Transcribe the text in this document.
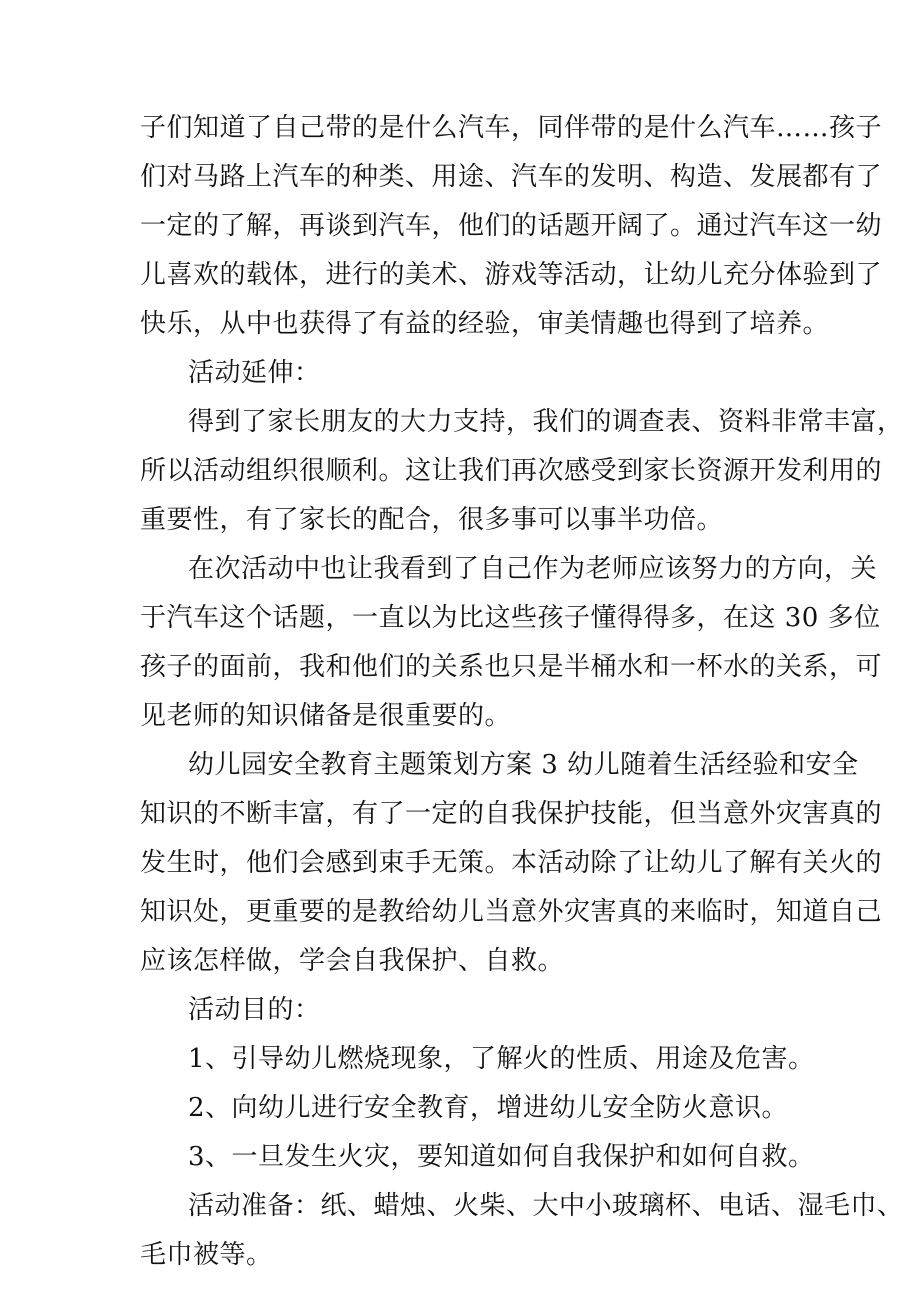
子们知道了自己带的是什么汽车，同伴带的是什么汽车……孩子

们对马路上汽车的种类、用途、汽车的发明、构造、发展都有了

一定的了解，再谈到汽车，他们的话题开阔了。通过汽车这一幼

儿喜欢的载体，进行的美术、游戏等活动，让幼儿充分体验到了

快乐，从中也获得了有益的经验，审美情趣也得到了培养。

活动延伸：

得到了家长朋友的大力支持，我们的调查表、资料非常丰富，

所以活动组织很顺利。这让我们再次感受到家长资源开发利用的

重要性，有了家长的配合，很多事可以事半功倍。

在次活动中也让我看到了自己作为老师应该努力的方向，关

于汽车这个话题，一直以为比这些孩子懂得得多，在这 30 多位

孩子的面前，我和他们的关系也只是半桶水和一杯水的关系，可

见老师的知识储备是很重要的。

幼儿园安全教育主题策划方案 3 幼儿随着生活经验和安全

知识的不断丰富，有了一定的自我保护技能，但当意外灾害真的

发生时，他们会感到束手无策。本活动除了让幼儿了解有关火的

知识处，更重要的是教给幼儿当意外灾害真的来临时，知道自己

应该怎样做，学会自我保护、自救。

活动目的：

1、引导幼儿燃烧现象，了解火的性质、用途及危害。

2、向幼儿进行安全教育，增进幼儿安全防火意识。

3、一旦发生火灾，要知道如何自我保护和如何自救。

活动准备：纸、蜡烛、火柴、大中小玻璃杯、电话、湿毛巾、

毛巾被等。
